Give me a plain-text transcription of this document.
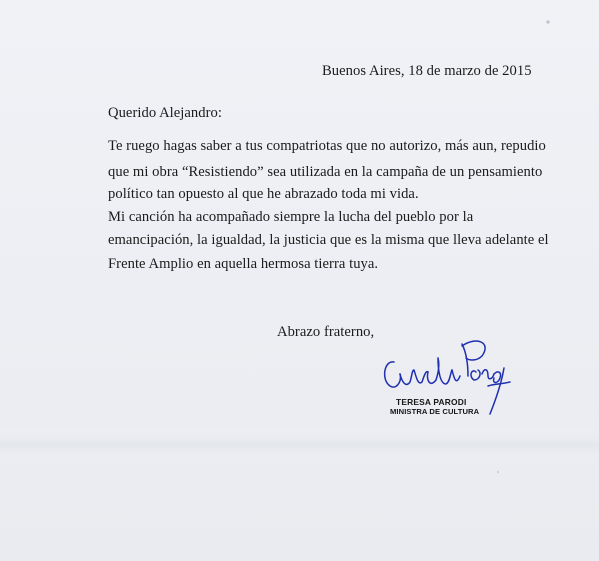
Buenos Aires, 18 de marzo de 2015
Querido Alejandro:
Te ruego hagas saber a tus compatriotas que no autorizo, más aun, repudio
que mi obra “Resistiendo” sea utilizada en la campaña de un pensamiento
político tan opuesto al que he abrazado toda mi vida.
Mi canción ha acompañado siempre la lucha del pueblo por la
emancipación, la igualdad, la justicia que es la misma que lleva adelante el
Frente Amplio en aquella hermosa tierra tuya.
Abrazo fraterno,
TERESA PARODI
MINISTRA DE CULTURA
